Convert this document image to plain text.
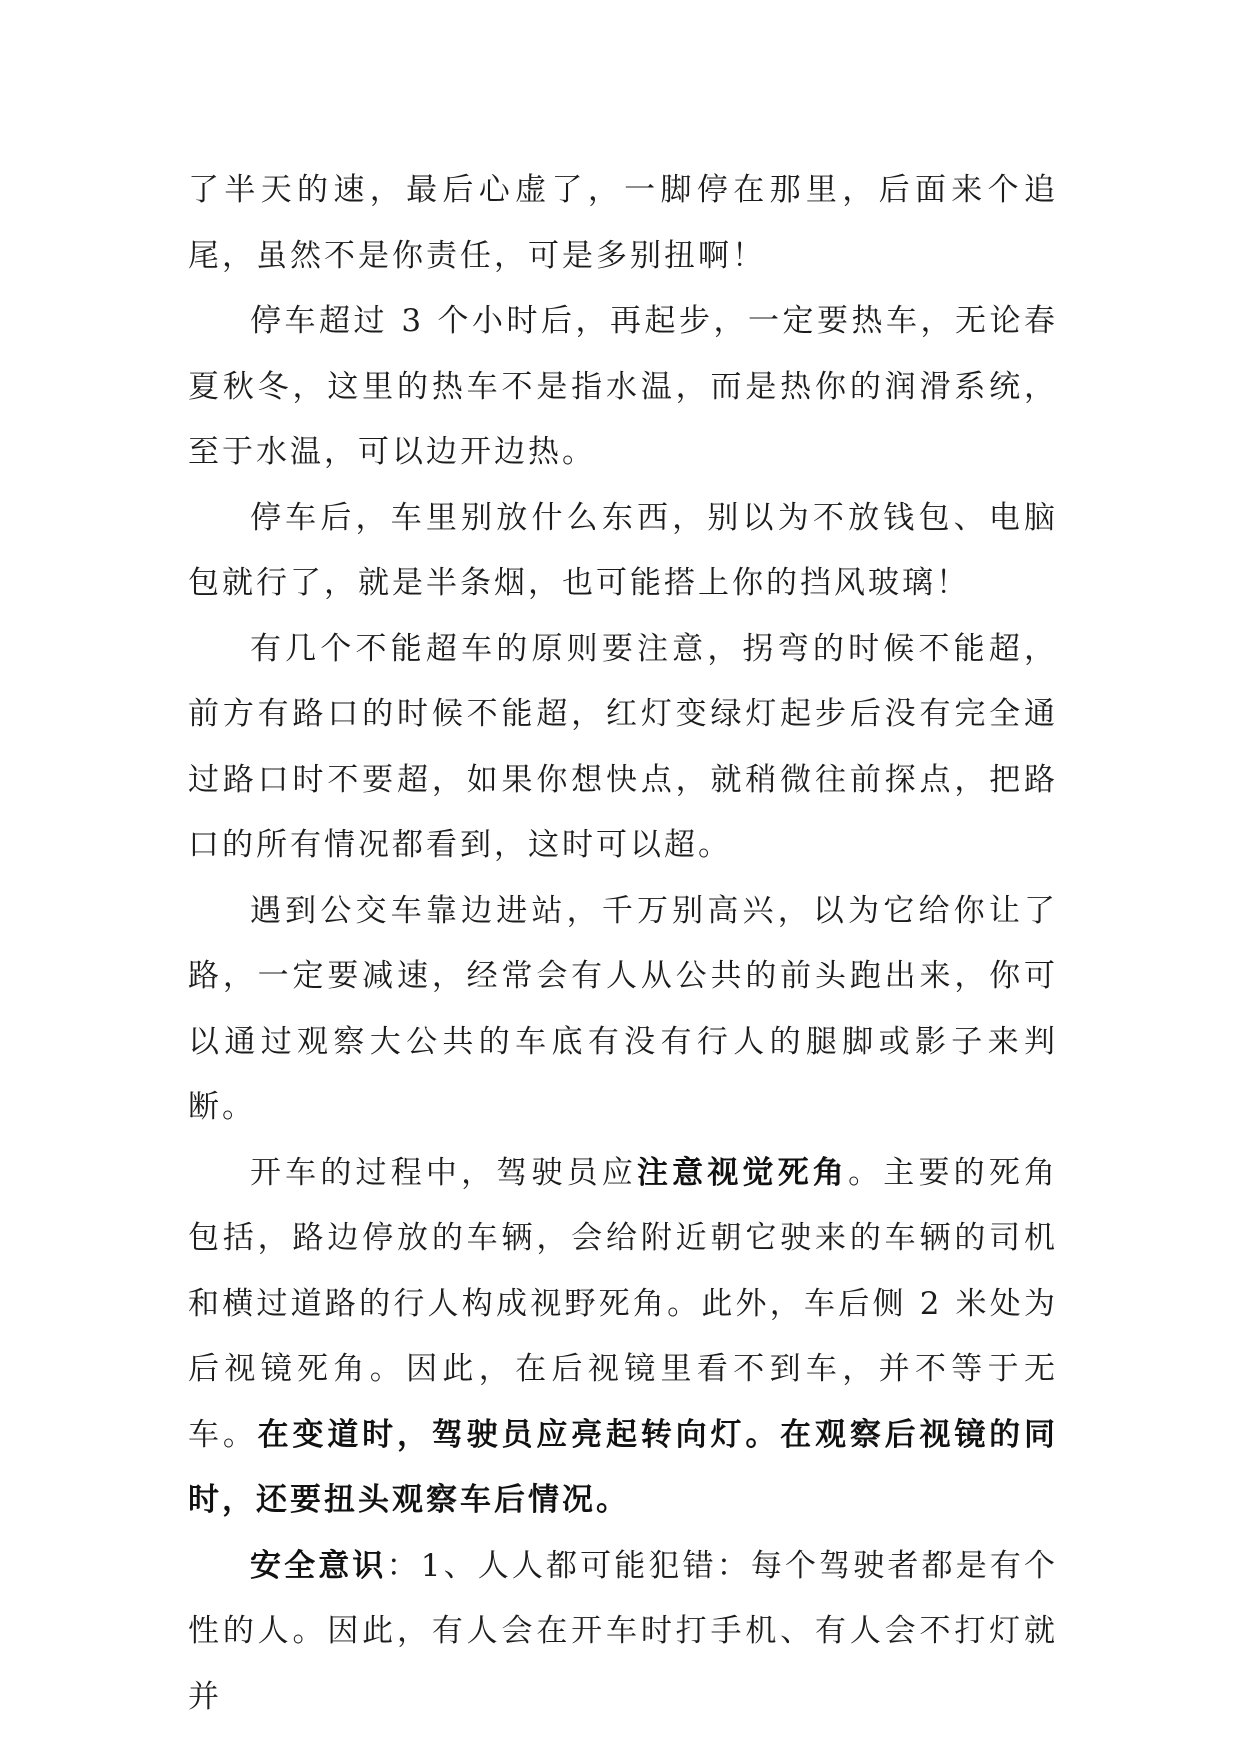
了半天的速，最后心虚了，一脚停在那里，后面来个追尾，虽然不是你责任，可是多别扭啊！

停车超过 3 个小时后，再起步，一定要热车，无论春夏秋冬，这里的热车不是指水温，而是热你的润滑系统，至于水温，可以边开边热。

停车后，车里别放什么东西，别以为不放钱包、电脑包就行了，就是半条烟，也可能搭上你的挡风玻璃！

有几个不能超车的原则要注意，拐弯的时候不能超，前方有路口的时候不能超，红灯变绿灯起步后没有完全通过路口时不要超，如果你想快点，就稍微往前探点，把路口的所有情况都看到，这时可以超。

遇到公交车靠边进站，千万别高兴，以为它给你让了路，一定要减速，经常会有人从公共的前头跑出来，你可以通过观察大公共的车底有没有行人的腿脚或影子来判断。

开车的过程中，驾驶员应注意视觉死角。主要的死角包括，路边停放的车辆，会给附近朝它驶来的车辆的司机和横过道路的行人构成视野死角。此外，车后侧 2 米处为后视镜死角。因此，在后视镜里看不到车，并不等于无车。在变道时，驾驶员应亮起转向灯。在观察后视镜的同时，还要扭头观察车后情况。

安全意识：1、人人都可能犯错：每个驾驶者都是有个性的人。因此，有人会在开车时打手机、有人会不打灯就并
